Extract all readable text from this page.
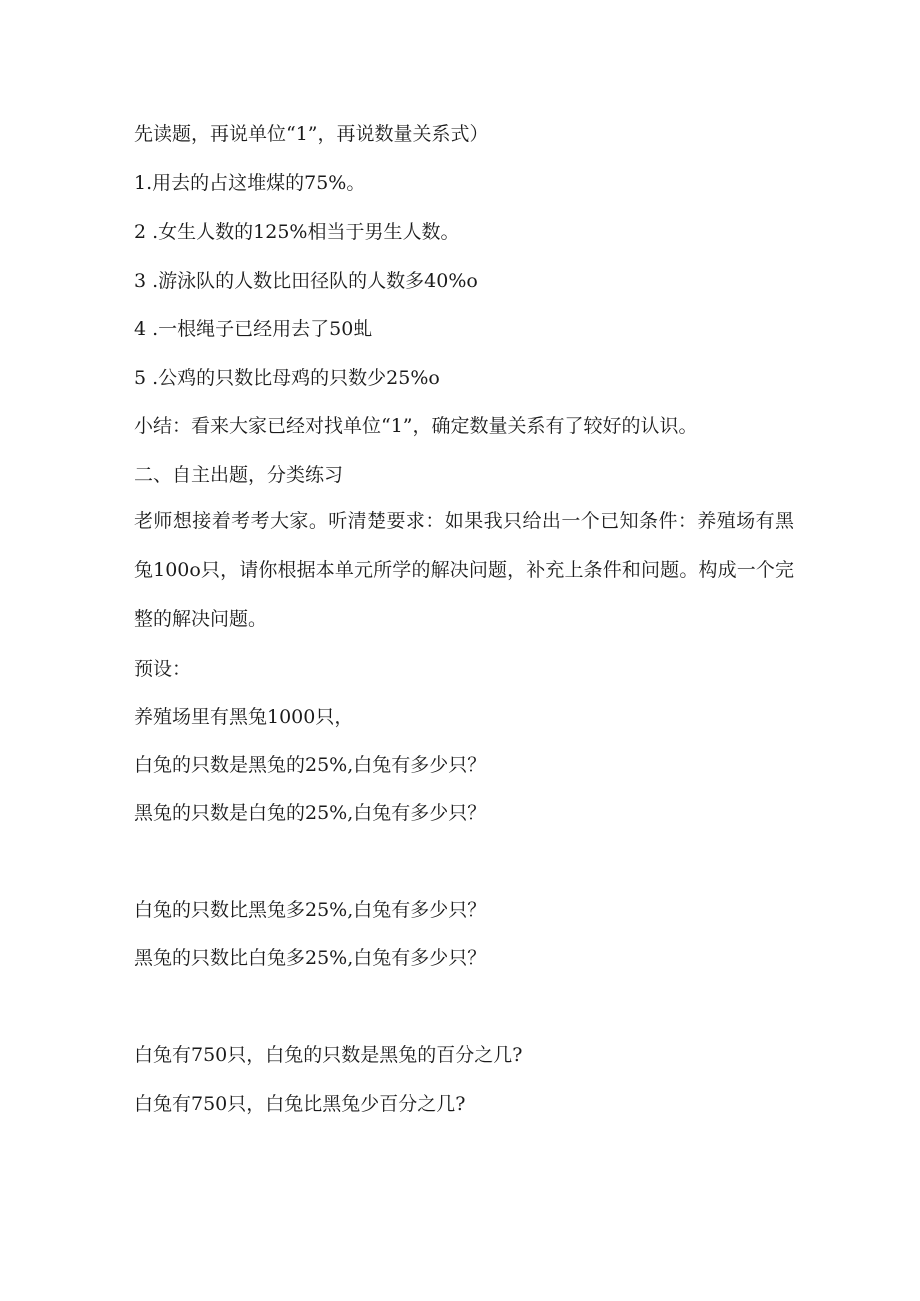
先读题，再说单位“1”，再说数量关系式）
1.用去的占这堆煤的75%。
2 .女生人数的125%相当于男生人数。
3 .游泳队的人数比田径队的人数多40%o
4 .一根绳子已经用去了50虬
5 .公鸡的只数比母鸡的只数少25%o
小结：看来大家已经对找单位“1”，确定数量关系有了较好的认识。
二、自主出题，分类练习
老师想接着考考大家。听清楚要求：如果我只给出一个已知条件：养殖场有黑兔100o只，请你根据本单元所学的解决问题，补充上条件和问题。构成一个完整的解决问题。
预设：
养殖场里有黑兔1000只，
白兔的只数是黑兔的25%,白兔有多少只？
黑兔的只数是白兔的25%,白兔有多少只？
白兔的只数比黑兔多25%,白兔有多少只？
黑兔的只数比白兔多25%,白兔有多少只？
白兔有750只，白兔的只数是黑兔的百分之几?
白兔有750只，白兔比黑兔少百分之几?
